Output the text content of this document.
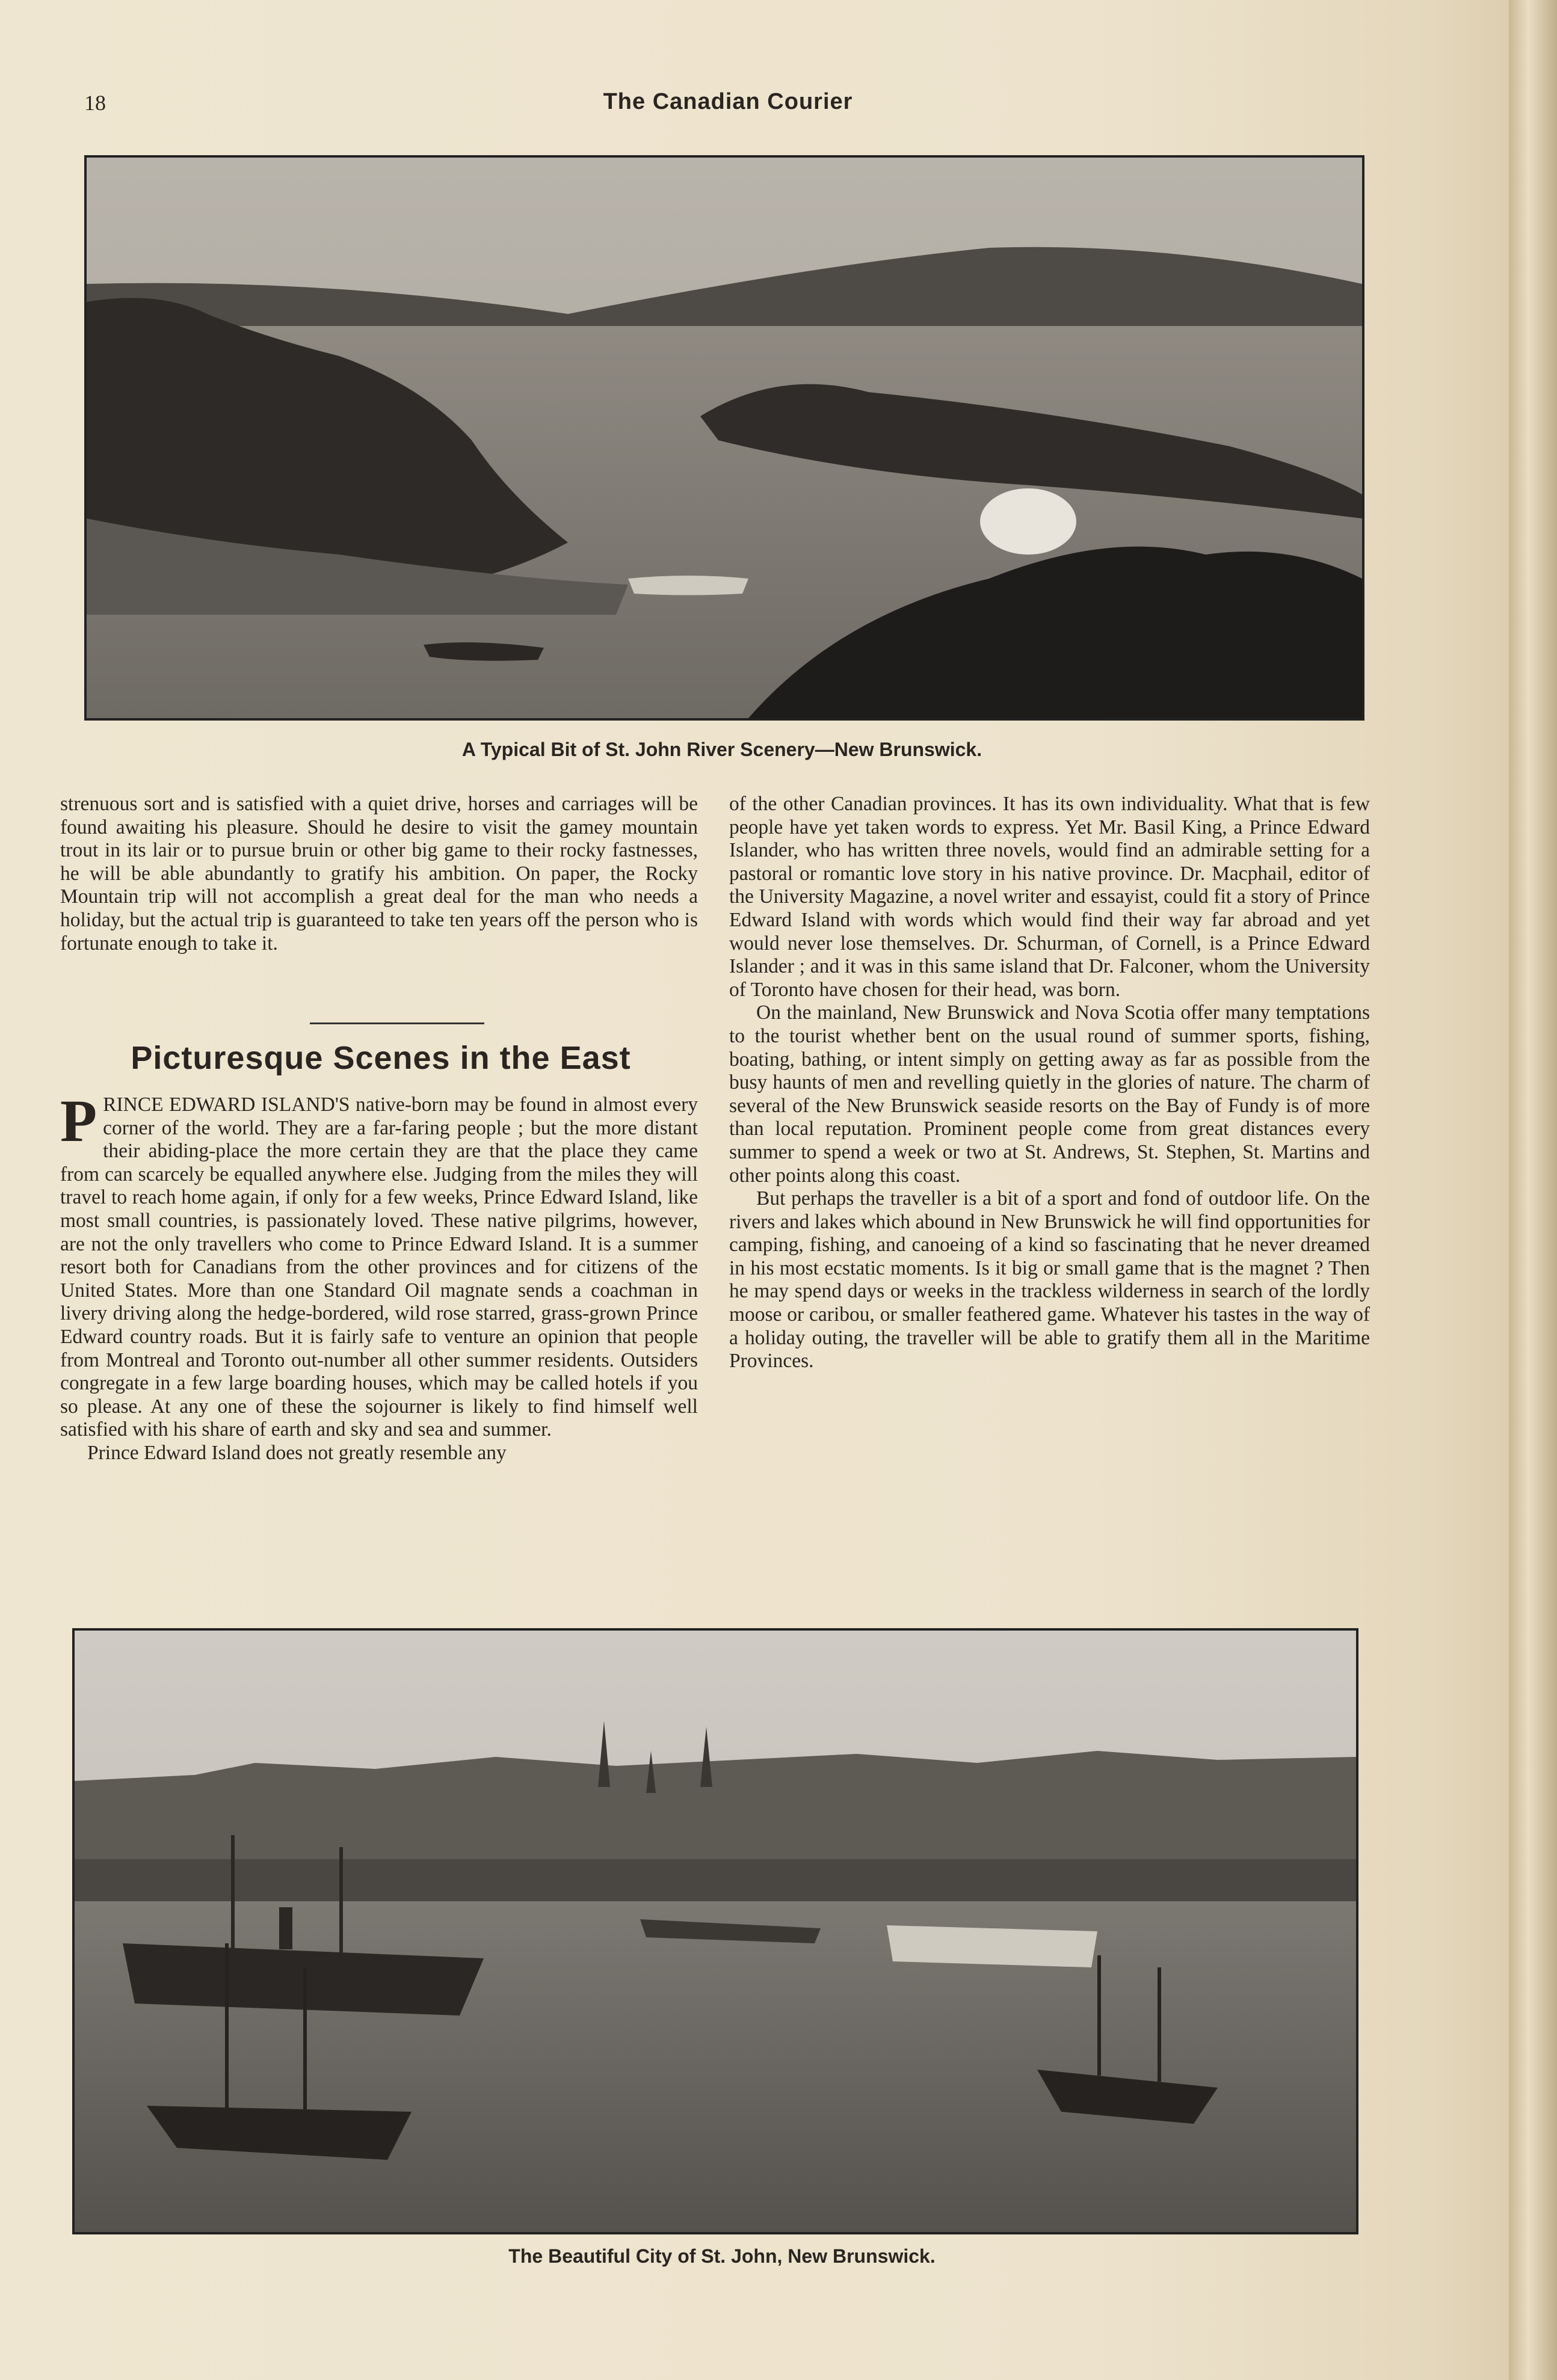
18	The Canadian Courier
A Typical Bit of St. John River Scenery—New Brunswick.

strenuous sort and is satisfied with a quiet drive, horses and carriages will be found awaiting his pleasure. Should he desire to visit the gamey mountain trout in its lair or to pursue bruin or other big game to their rocky fastnesses, he will be able abundantly to gratify his ambition. On paper, the Rocky Mountain trip will not accomplish a great deal for the man who needs a holiday, but the actual trip is guaranteed to take ten years off the person who is fortunate enough to take it.

Picturesque Scenes in the East

PRINCE EDWARD ISLAND'S native-born may be found in almost every corner of the world. They are a far-faring people ; but the more distant their abiding-place the more certain they are that the place they came from can scarcely be equalled anywhere else. Judging from the miles they will travel to reach home again, if only for a few weeks, Prince Edward Island, like most small countries, is passionately loved. These native pilgrims, however, are not the only travellers who come to Prince Edward Island. It is a summer resort both for Canadians from the other provinces and for citizens of the United States. More than one Standard Oil magnate sends a coachman in livery driving along the hedge-bordered, wild rose starred, grass-grown Prince Edward country roads. But it is fairly safe to venture an opinion that people from Montreal and Toronto out-number all other summer residents. Outsiders congregate in a few large boarding houses, which may be called hotels if you so please. At any one of these the sojourner is likely to find himself well satisfied with his share of earth and sky and sea and summer.

Prince Edward Island does not greatly resemble any

of the other Canadian provinces. It has its own individuality. What that is few people have yet taken words to express. Yet Mr. Basil King, a Prince Edward Islander, who has written three novels, would find an admirable setting for a pastoral or romantic love story in his native province. Dr. Macphail, editor of the University Magazine, a novel writer and essayist, could fit a story of Prince Edward Island with words which would find their way far abroad and yet would never lose themselves. Dr. Schurman, of Cornell, is a Prince Edward Islander ; and it was in this same island that Dr. Falconer, whom the University of Toronto have chosen for their head, was born.

On the mainland, New Brunswick and Nova Scotia offer many temptations to the tourist whether bent on the usual round of summer sports, fishing, boating, bathing, or intent simply on getting away as far as possible from the busy haunts of men and revelling quietly in the glories of nature. The charm of several of the New Brunswick seaside resorts on the Bay of Fundy is of more than local reputation. Prominent people come from great distances every summer to spend a week or two at St. Andrews, St. Stephen, St. Martins and other points along this coast.

But perhaps the traveller is a bit of a sport and fond of outdoor life. On the rivers and lakes which abound in New Brunswick he will find opportunities for camping, fishing, and canoeing of a kind so fascinating that he never dreamed in his most ecstatic moments. Is it big or small game that is the magnet ? Then he may spend days or weeks in the trackless wilderness in search of the lordly moose or caribou, or smaller feathered game. Whatever his tastes in the way of a holiday outing, the traveller will be able to gratify them all in the Maritime Provinces.

The Beautiful City of St. John, New Brunswick.
